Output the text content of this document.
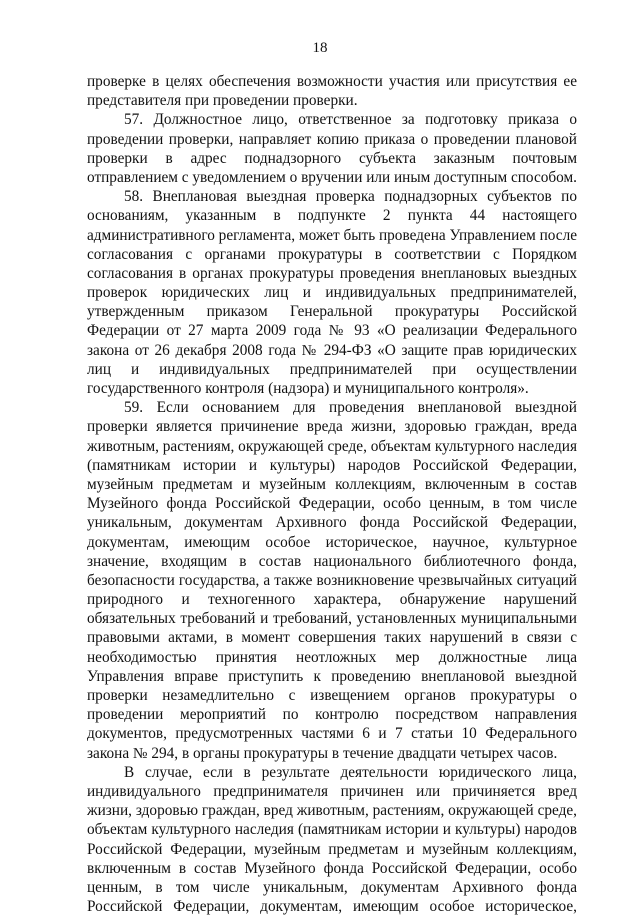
18
проверке в целях обеспечения возможности участия или присутствия ее
представителя при проведении проверки.
57. Должностное лицо, ответственное за подготовку приказа о
проведении проверки, направляет копию приказа о проведении плановой
проверки в адрес поднадзорного субъекта заказным почтовым
отправлением с уведомлением о вручении или иным доступным способом.
58. Внеплановая выездная проверка поднадзорных субъектов по
основаниям, указанным в подпункте 2 пункта 44 настоящего
административного регламента, может быть проведена Управлением после
согласования с органами прокуратуры в соответствии с Порядком
согласования в органах прокуратуры проведения внеплановых выездных
проверок юридических лиц и индивидуальных предпринимателей,
утвержденным приказом Генеральной прокуратуры Российской
Федерации от 27 марта 2009 года № 93 «О реализации Федерального
закона от 26 декабря 2008 года № 294-ФЗ «О защите прав юридических
лиц и индивидуальных предпринимателей при осуществлении
государственного контроля (надзора) и муниципального контроля».
59. Если основанием для проведения внеплановой выездной
проверки является причинение вреда жизни, здоровью граждан, вреда
животным, растениям, окружающей среде, объектам культурного наследия
(памятникам истории и культуры) народов Российской Федерации,
музейным предметам и музейным коллекциям, включенным в состав
Музейного фонда Российской Федерации, особо ценным, в том числе
уникальным, документам Архивного фонда Российской Федерации,
документам, имеющим особое историческое, научное, культурное
значение, входящим в состав национального библиотечного фонда,
безопасности государства, а также возникновение чрезвычайных ситуаций
природного и техногенного характера, обнаружение нарушений
обязательных требований и требований, установленных муниципальными
правовыми актами, в момент совершения таких нарушений в связи с
необходимостью принятия неотложных мер должностные лица
Управления вправе приступить к проведению внеплановой выездной
проверки незамедлительно с извещением органов прокуратуры о
проведении мероприятий по контролю посредством направления
документов, предусмотренных частями 6 и 7 статьи 10 Федерального
закона № 294, в органы прокуратуры в течение двадцати четырех часов.
В случае, если в результате деятельности юридического лица,
индивидуального предпринимателя причинен или причиняется вред
жизни, здоровью граждан, вред животным, растениям, окружающей среде,
объектам культурного наследия (памятникам истории и культуры) народов
Российской Федерации, музейным предметам и музейным коллекциям,
включенным в состав Музейного фонда Российской Федерации, особо
ценным, в том числе уникальным, документам Архивного фонда
Российской Федерации, документам, имеющим особое историческое,
